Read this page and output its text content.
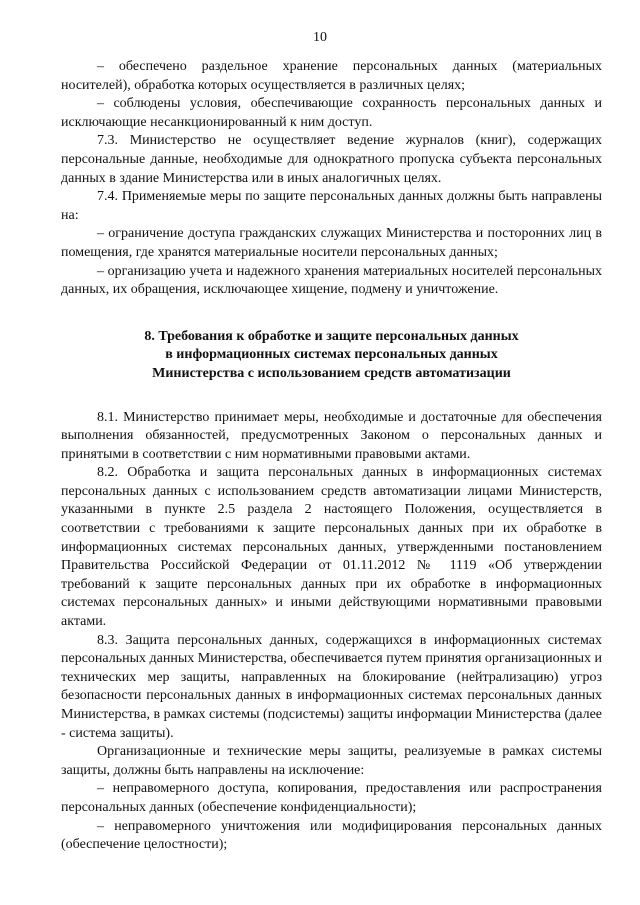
10

– обеспечено раздельное хранение персональных данных (материальных носителей), обработка которых осуществляется в различных целях;

– соблюдены условия, обеспечивающие сохранность персональных данных и исключающие несанкционированный к ним доступ.

7.3. Министерство не осуществляет ведение журналов (книг), содержащих персональные данные, необходимые для однократного пропуска субъекта персональных данных в здание Министерства или в иных аналогичных целях.

7.4. Применяемые меры по защите персональных данных должны быть направлены на:

– ограничение доступа гражданских служащих Министерства и посторонних лиц в помещения, где хранятся материальные носители персональных данных;

– организацию учета и надежного хранения материальных носителей персональных данных, их обращения, исключающее хищение, подмену и уничтожение.

8. Требования к обработке и защите персональных данных
в информационных системах персональных данных
Министерства с использованием средств автоматизации

8.1. Министерство принимает меры, необходимые и достаточные для обеспечения выполнения обязанностей, предусмотренных Законом о персональных данных и принятыми в соответствии с ним нормативными правовыми актами.

8.2. Обработка и защита персональных данных в информационных системах персональных данных с использованием средств автоматизации лицами Министерств, указанными в пункте 2.5 раздела 2 настоящего Положения, осуществляется в соответствии с требованиями к защите персональных данных при их обработке в информационных системах персональных данных, утвержденными постановлением Правительства Российской Федерации от 01.11.2012 № 1119 «Об утверждении требований к защите персональных данных при их обработке в информационных системах персональных данных» и иными действующими нормативными правовыми актами.

8.3. Защита персональных данных, содержащихся в информационных системах персональных данных Министерства, обеспечивается путем принятия организационных и технических мер защиты, направленных на блокирование (нейтрализацию) угроз безопасности персональных данных в информационных системах персональных данных Министерства, в рамках системы (подсистемы) защиты информации Министерства (далее - система защиты).

Организационные и технические меры защиты, реализуемые в рамках системы защиты, должны быть направлены на исключение:

– неправомерного доступа, копирования, предоставления или распространения персональных данных (обеспечение конфиденциальности);

– неправомерного уничтожения или модифицирования персональных данных (обеспечение целостности);
